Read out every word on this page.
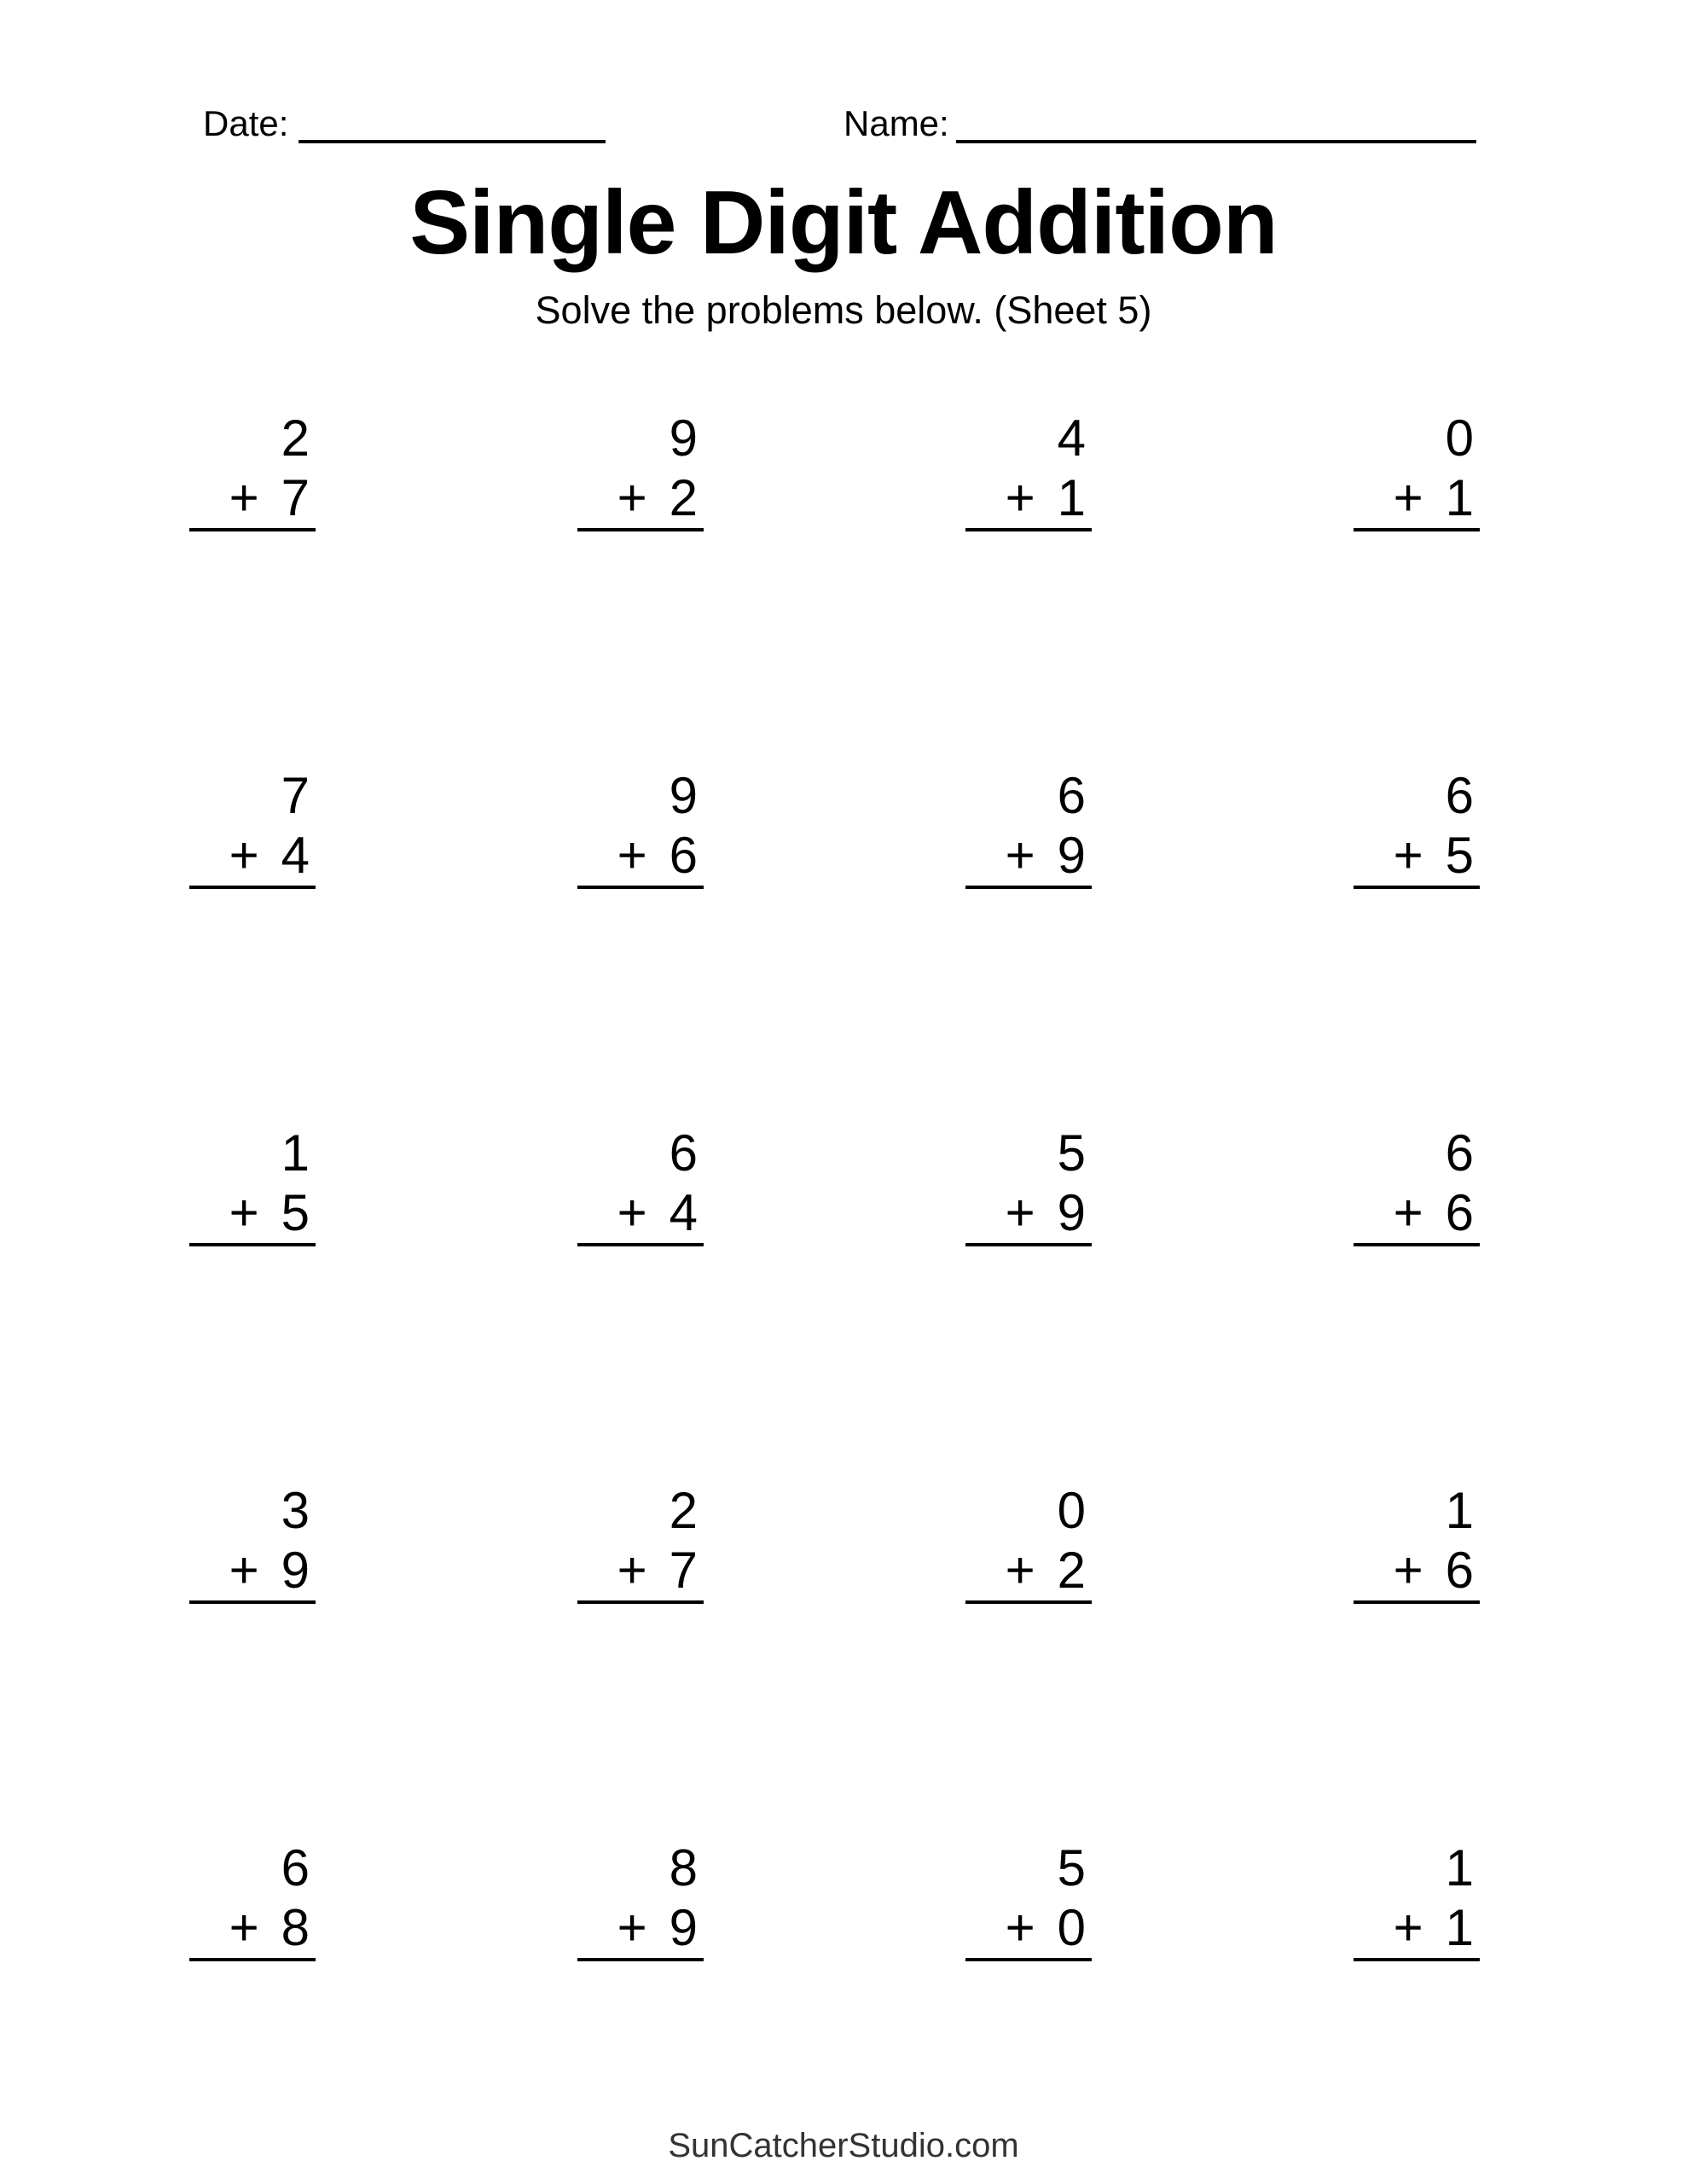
Date:	Name:
Single Digit Addition
Solve the problems below. (Sheet 5)
2
+ 7
9
+ 2
4
+ 1
0
+ 1
7
+ 4
9
+ 6
6
+ 9
6
+ 5
1
+ 5
6
+ 4
5
+ 9
6
+ 6
3
+ 9
2
+ 7
0
+ 2
1
+ 6
6
+ 8
8
+ 9
5
+ 0
1
+ 1
SunCatcherStudio.com
